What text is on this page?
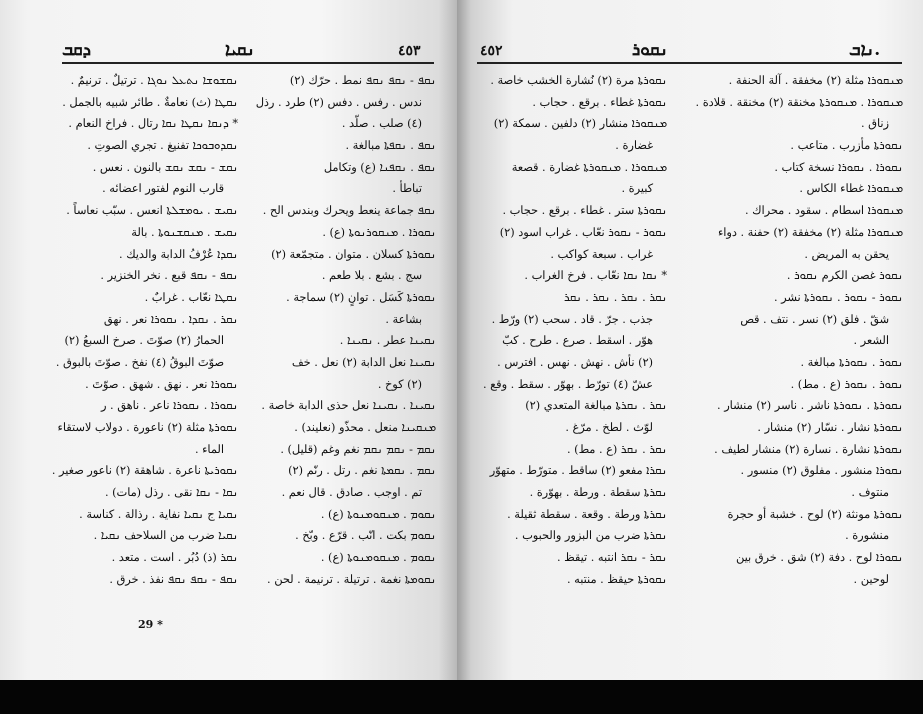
ܕܩܒ	ܢܩܝܐ	٤٥٣
ܢܩܫܘܫܐ ܢܬܥܠ ܢܘܓܐ . ترتيلٌ . ترنيمٌ .
ܢܩܛܐ (ث) نعامةٌ . طائر شبيه بالجمل .
* ܕܢܩܐ ܢܩܛܐ ܢܩܐ رتال . فراخ النعام .
ܢܩܕܘܒܘܟܐ تفنيغ . تجري الصوتِ .
ܢܩܫ - ܢܩܫ ܢܩܫ بالنون . نعس .
قارب النوم لفتور اعضائه .
ܢܩܝܫ . ܝܘܡܫܠܬܐ انعس . سبّب نعاساً .
ܢܩܝܫ . ܡܢܩܫܢܘܬܐ . بالة
ܢܩܕܐ عُرْفُ الدابة والديك .
ܢܩܦ - ܢܩܦ قبع . نخر الخنزير .
ܢܩܛܐ نعّاب . غرابٌ .
ܢܩܪ . ܢܩܕܐ . ܢܩܘܪܐ نعر . نهق
الحمارُ (٢) صوّتَ . صرخ السبعُ (٢)
صوّتَ البوقُ (٤) نفخ . صوّتَ بالبوق .
ܢܩܘܪܐ نعر . نهق . شهق . صوّتَ .
ܢܩܘܪܐ . ܢܩܘܪܐ ناعر . ناهق . ر
ܢܩܘܪܬܐ مثلة (٢) ناعورة . دولاب لاستقاء
الماء .
ܢܩܘܪܝܬܐ ناعرة . شاهقة (٢) ناعور صغير .
ܢܩܐ - ܢܩܐ نقى . رذل (مات) .
ܢܩܝܐ ج ܢܩܝܐ نفاية . رذالة . كناسة .
ܢܩܝܐ ضرب من السلاحف ܢܩܝܐ .
ܢܩܪ (ذ) دُبُر . است . متعد .
ܢܩܦ - ܢܩܦ ܢܩܦ نفذ . خرق .
ܢܩܦ - ܢܩܦ ܢܩܦ نمط . حرّك (٢)
ندس . رفس . دفس (٢) طرد . رذل
(٤) صلب . صلّد .
ܢܩܦ . ܢܩܦܬܐ مبالغة .
ܢܩܦ . ܢܩܦܢܐ (ع) وتكامل
تباطأ .
ܢܩܦ جماعة ينعط ويحرك وبندس الح .
ܢܩܘܪܐ . ܡܢܩܘܪܢܘܬܐ (ع) .
ܢܩܘܪܬܐ كسلان . متوان . متجمّعة (٢)
سج . بشع . بلا طعم .
ܢܩܘܪܬܐ كَسَل . توانٍ (٢) سماجة .
بشاعة .
ܢܩܝܢܐ عطر . ܢܩܝܢܐ .
ܢܩܝܢܐ نعل الدابة (٢) نعل . خف
(٢) كوخ .
ܢܩܝܢܐ . ܢܩܝܢܐ نعل حذى الدابة خاصة .
ܡܢܩܝܢܐ منعل . محذّو (نعليند) .
ܢܩܡ - ܢܩܡ ܢܩܡ نغم وغم (قليل) .
ܢܩܡ . ܢܩܡܬܐ نغم . رتل . رنّم (٢)
تم . اوجب . صادق . قال نعم .
ܢܩܘܡ . ܡܢܩܘܡܢܘܬܐ (ع) .
ܢܩܘܡ بكت . انّب . قرّع . وبّخ .
ܢܩܘܡ . ܡܢܩܘܡܢܘܬܐ (ع) .
ܢܩܘܡܬܐ نغمة . ترتيلة . ترنيمة . لحن .
29 *
٤٥٢	ܢܩܘܪ	ܢܐܒ.
ܢܩܘܪܬܐ مرة (٢) نُشارة الخشب خاصة .
ܢܩܘܪܬܐ غطاء . برقع . حجاب .
ܡܢܩܘܪܐ منشار (٢) دلفين . سمكة (٢)
غضارة .
ܡܢܩܘܪܐ . ܡܢܩܘܪܬܐ غضارة . قصعة
كبيرة .
ܢܩܘܪܬܐ ستر . غطاء . برقع . حجاب .
ܢܩܘܪ - ܢܩܘܪ نعّاب . غراب اسود (٢)
غراب . سبعة كواكب .
* ܢܩܐ ܢܩܐ نعّاب . فرخ الغراب .
ܢܩܪ . ܢܩܪ . ܢܩܪ . ܢܩܪ
جذب . جرّ . قاد . سحب (٢) ورّط .
هوّر . اسقط . صرع . طرح . كبّ
(٢) نأش . نهش . نهس . افترس .
عشّ (٤) تورّط . بهوّر . سقط . وقع .
ܢܩܪ . ܢܩܪܬܐ مبالغة المتعدي (٢)
لوّث . لطخ . مرّغ .
ܢܩܪ . ܢܩܪ (ع . مط) .
ܢܩܪܐ مفعو (٢) ساقط . متورّط . متهوّر
ܢܩܪܬܐ سقطة . ورطة . بهوّرة .
ܢܩܪܬܐ ورطة . وقعة . سقطة ثقيلة .
ܢܩܪܬܐ ضرب من البزور والحبوب .
ܢܩܪ - ܢܩܪ انتبه . تيقظ .
ܢܩܘܪܬܐ حيقظ . منتبه .
ܡܢܩܘܪܐ مثلة (٢) مخفقة . آلة الحنفة .
ܡܢܩܘܪܐ . ܡܢܩܘܪܬܐ مخنقة (٢) مخنقة . قلادة .
زناق .
ܢܩܘܪܬܐ مأزرب . متاعب .
ܢܩܘܪܐ . ܢܩܘܪܐ نسخة كتاب .
ܡܢܩܘܪܐ غطاء الكاس .
ܡܢܩܘܪܐ اسطام . سقود . محراك .
ܡܢܩܘܪܐ مثلة (٢) مخفقة (٢) حفنة . دواء
يحقن به المريض .
ܢܩܘܪ غصن الكرم ܢܩܘܪ .
ܢܩܘܪ - ܢܩܘܪ . ܢܩܘܪܬܐ نشر .
شقّ . فلق (٢) نسر . نتف . قص
الشعر .
ܢܩܘܪ . ܢܩܘܪܬܐ مبالغة .
ܢܩܘܪ . ܢܩܘܪ (ع . مط) .
ܢܩܘܪܬܐ . ܢܩܘܪܬܐ ناشر . ناسر (٢) منشار .
ܢܩܘܪܬܐ نشار . نسّار (٢) منشار .
ܢܩܘܪܬܐ نشارة . نسارة (٢) منشار لطيف .
ܢܩܘܪܐ منشور . مفلوق (٢) منسور .
منتوف .
ܢܩܘܪܬܐ مونثة (٢) لوح . خشبة أو حجرة
منشورة .
ܢܩܘܪܐ لوح . دفة (٢) شق . خرق بين
لوحين .
